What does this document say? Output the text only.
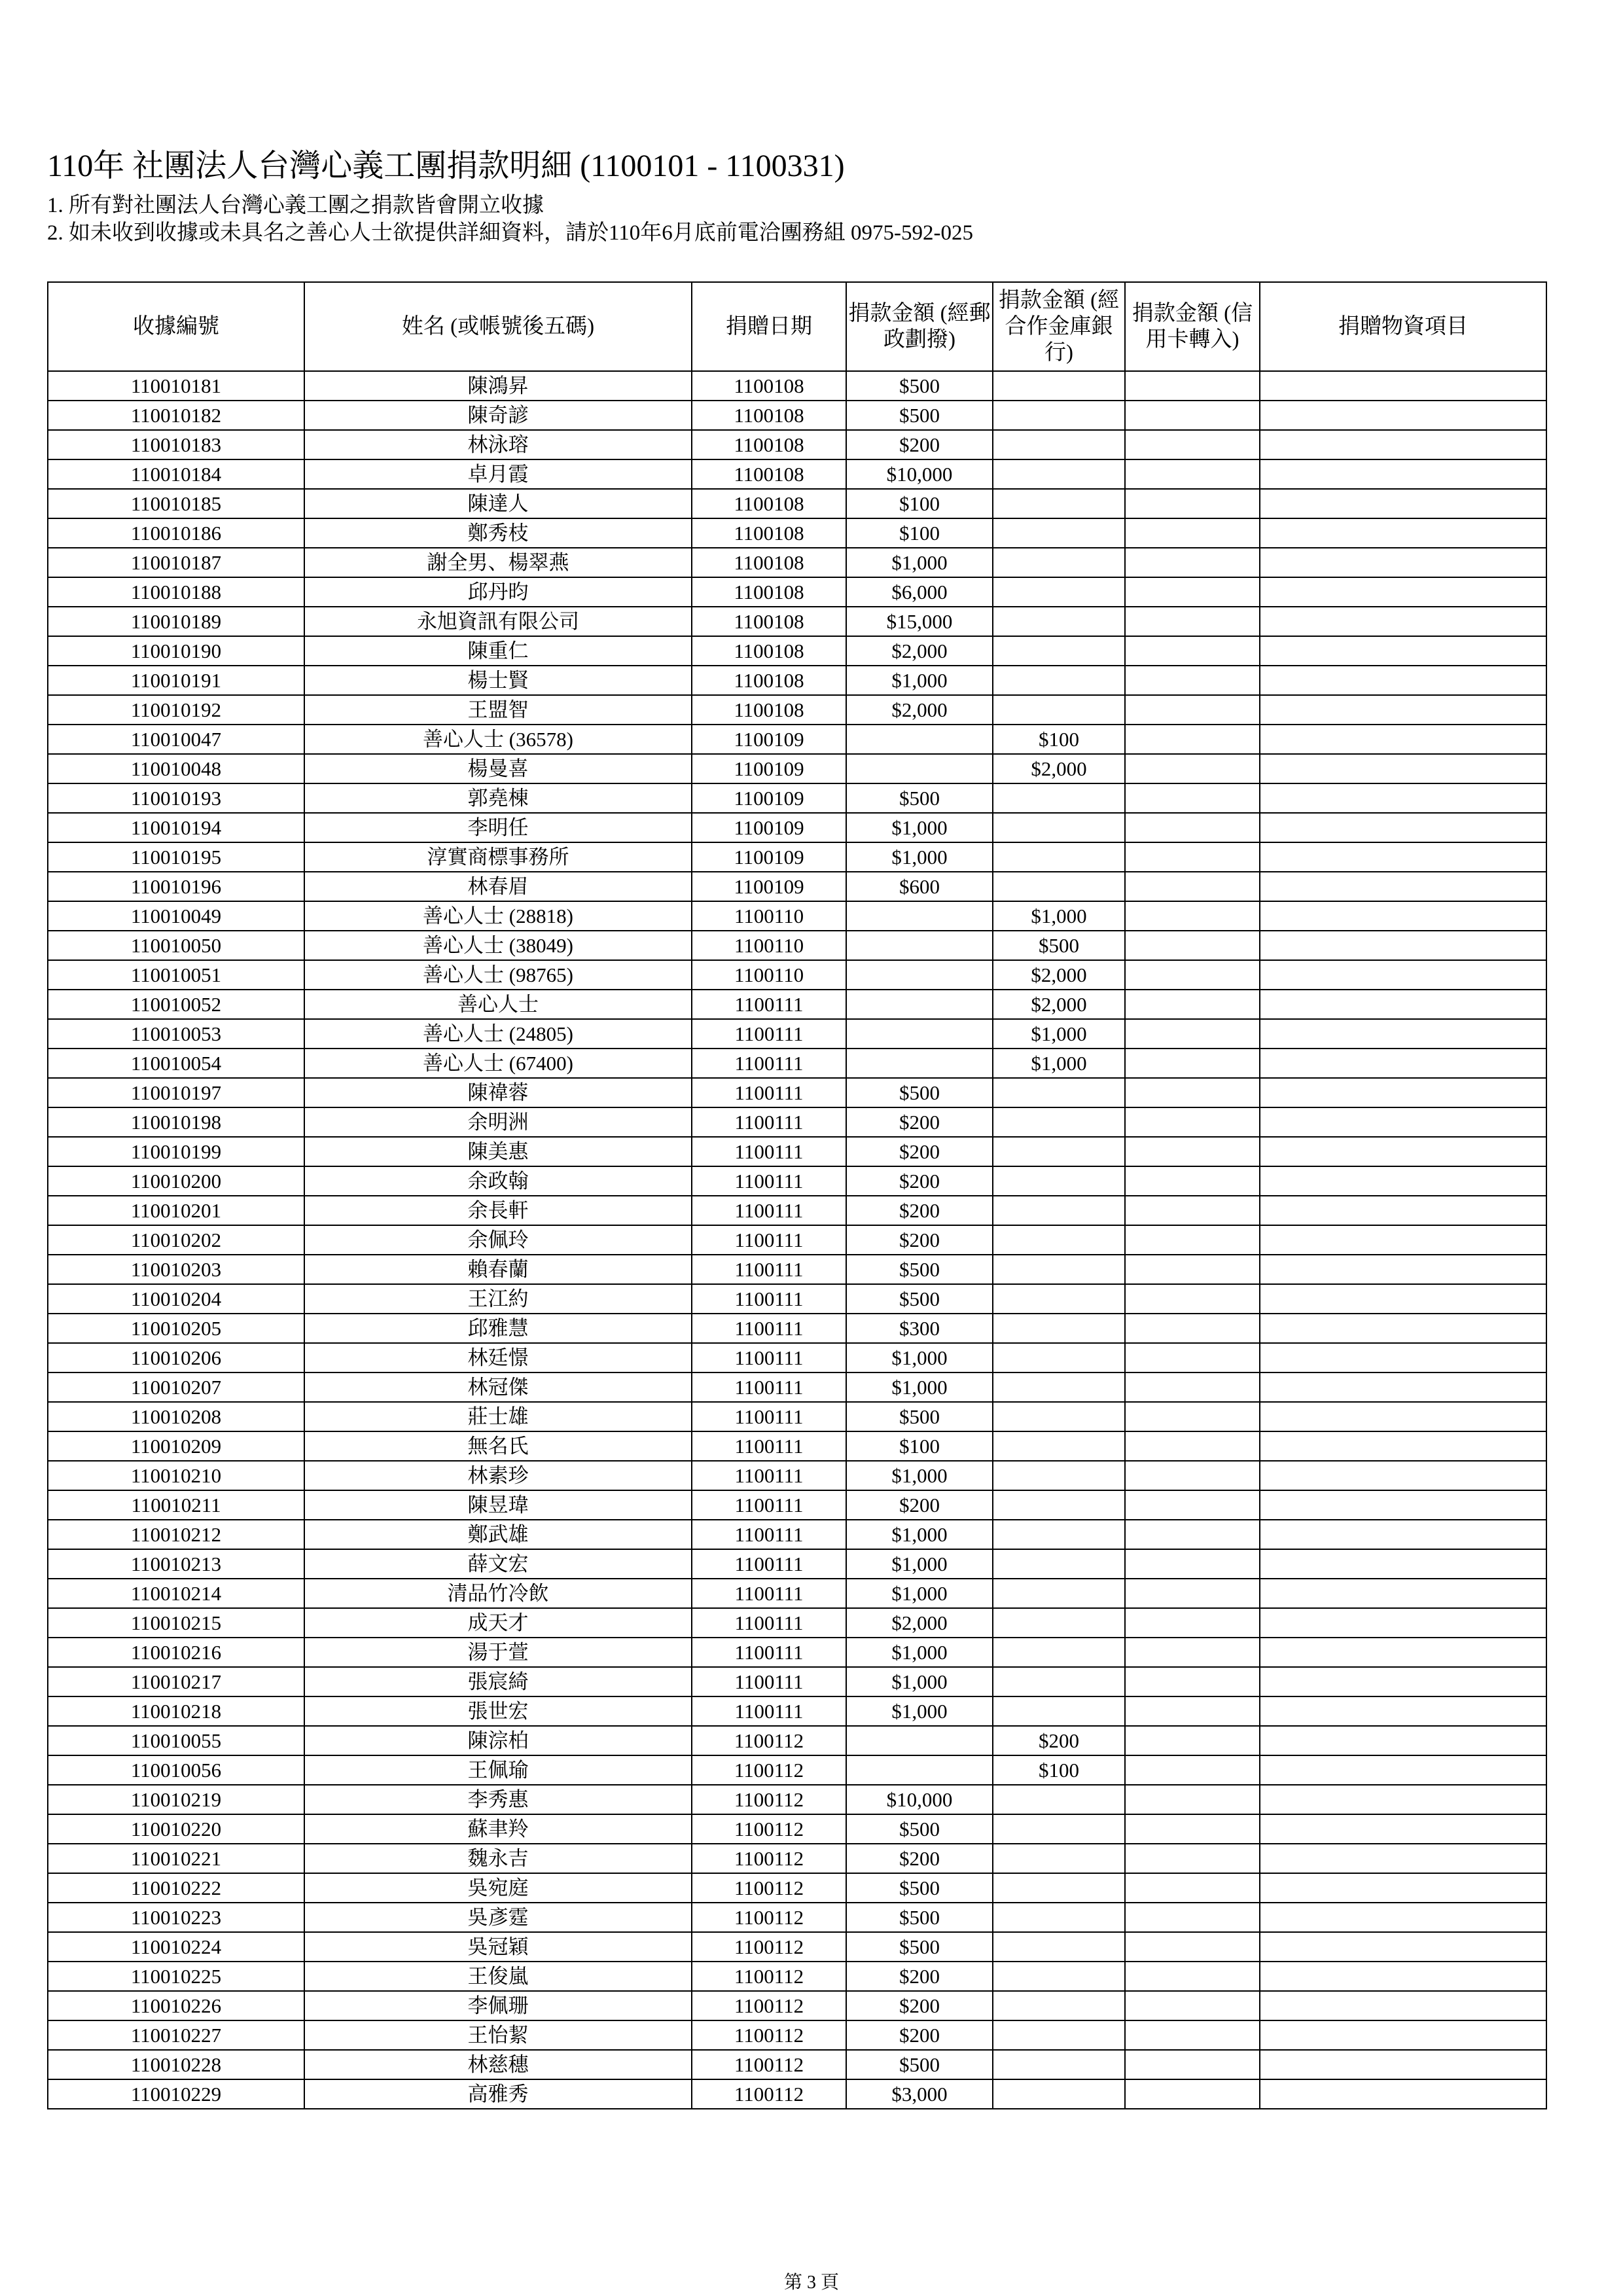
110年 社團法人台灣心義工團捐款明細 (1100101 - 1100331)
1. 所有對社團法人台灣心義工團之捐款皆會開立收據
2. 如未收到收據或未具名之善心人士欲提供詳細資料，請於110年6月底前電洽團務組 0975-592-025
收據編號	姓名 (或帳號後五碼)	捐贈日期	捐款金額 (經郵政劃撥)	捐款金額 (經合作金庫銀行)	捐款金額 (信用卡轉入)	捐贈物資項目
110010181	陳鴻昇	1100108	$500			
110010182	陳奇諺	1100108	$500			
110010183	林泳瑢	1100108	$200			
110010184	卓月霞	1100108	$10,000			
110010185	陳達人	1100108	$100			
110010186	鄭秀枝	1100108	$100			
110010187	謝全男、楊翠燕	1100108	$1,000			
110010188	邱丹昀	1100108	$6,000			
110010189	永旭資訊有限公司	1100108	$15,000			
110010190	陳重仁	1100108	$2,000			
110010191	楊士賢	1100108	$1,000			
110010192	王盟智	1100108	$2,000			
110010047	善心人士 (36578)	1100109		$100		
110010048	楊曼喜	1100109		$2,000		
110010193	郭堯棟	1100109	$500			
110010194	李明任	1100109	$1,000			
110010195	淳實商標事務所	1100109	$1,000			
110010196	林春眉	1100109	$600			
110010049	善心人士 (28818)	1100110		$1,000		
110010050	善心人士 (38049)	1100110		$500		
110010051	善心人士 (98765)	1100110		$2,000		
110010052	善心人士	1100111		$2,000		
110010053	善心人士 (24805)	1100111		$1,000		
110010054	善心人士 (67400)	1100111		$1,000		
110010197	陳禕蓉	1100111	$500			
110010198	余明洲	1100111	$200			
110010199	陳美惠	1100111	$200			
110010200	余政翰	1100111	$200			
110010201	余長軒	1100111	$200			
110010202	余佩玲	1100111	$200			
110010203	賴春蘭	1100111	$500			
110010204	王江約	1100111	$500			
110010205	邱雅慧	1100111	$300			
110010206	林廷憬	1100111	$1,000			
110010207	林冠傑	1100111	$1,000			
110010208	莊士雄	1100111	$500			
110010209	無名氏	1100111	$100			
110010210	林素珍	1100111	$1,000			
110010211	陳昱瑋	1100111	$200			
110010212	鄭武雄	1100111	$1,000			
110010213	薛文宏	1100111	$1,000			
110010214	清品竹冷飲	1100111	$1,000			
110010215	成天才	1100111	$2,000			
110010216	湯于萱	1100111	$1,000			
110010217	張宸綺	1100111	$1,000			
110010218	張世宏	1100111	$1,000			
110010055	陳淙柏	1100112		$200		
110010056	王佩瑜	1100112		$100		
110010219	李秀惠	1100112	$10,000			
110010220	蘇聿羚	1100112	$500			
110010221	魏永吉	1100112	$200			
110010222	吳宛庭	1100112	$500			
110010223	吳彥霆	1100112	$500			
110010224	吳冠穎	1100112	$500			
110010225	王俊嵐	1100112	$200			
110010226	李佩珊	1100112	$200			
110010227	王怡絜	1100112	$200			
110010228	林慈穗	1100112	$500			
110010229	高雅秀	1100112	$3,000			
第 3 頁
